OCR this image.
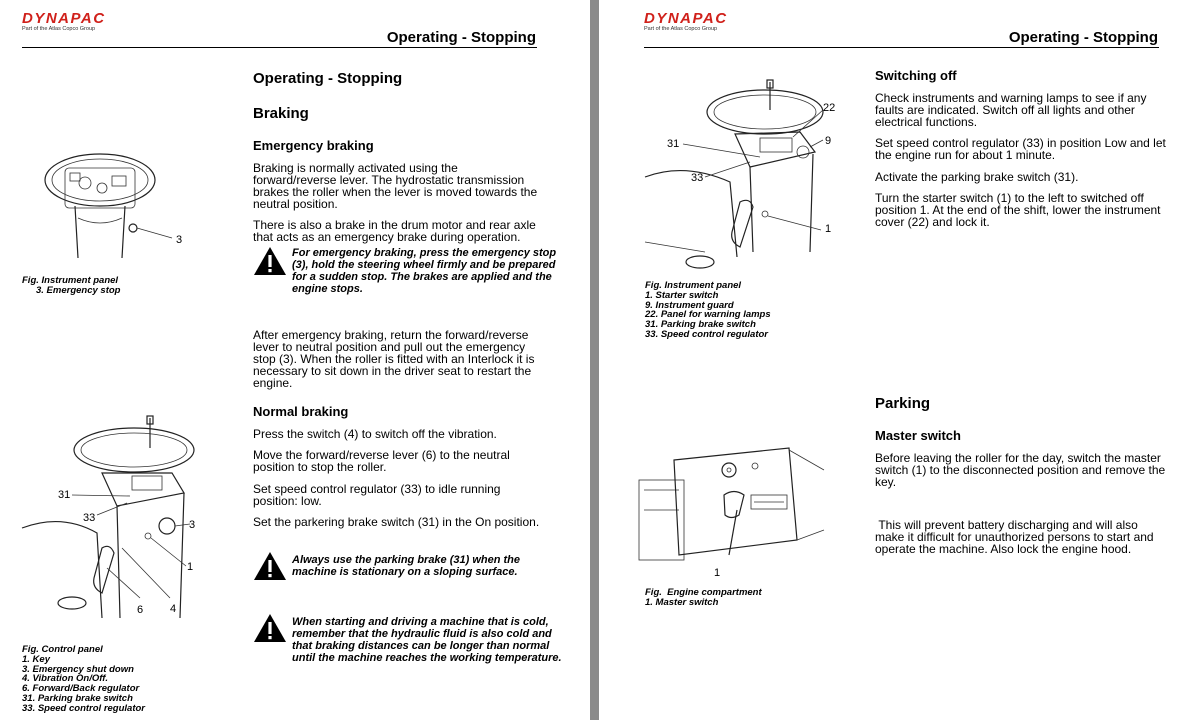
DYNAPAC
Part of the Atlas Copco Group	Operating - Stopping
Operating - Stopping
Braking
Emergency braking

Braking is normally activated using the forward/reverse lever. The hydrostatic transmission brakes the roller when the lever is moved towards the neutral position.

There is also a brake in the drum motor and rear axle that acts as an emergency brake during operation.

For emergency braking, press the emergency stop (3), hold the steering wheel firmly and be prepared for a sudden stop. The brakes are applied and the engine stops.

After emergency braking, return the forward/reverse lever to neutral position and pull out the emergency stop (3). When the roller is fitted with an Interlock it is necessary to sit down in the driver seat to restart the engine.

Normal braking

Press the switch (4) to switch off the vibration.

Move the forward/reverse lever (6) to the neutral position to stop the roller.

Set speed control regulator (33) to idle running position: low.

Set the parkering brake switch (31) in the On position.

Always use the parking brake (31) when the machine is stationary on a sloping surface.
When starting and driving a machine that is cold, remember that the hydraulic fluid is also cold and that braking distances can be longer than normal until the machine reaches the working temperature.
3
Fig. Instrument panel
3. Emergency stop
31
33
3
1
6 4
Fig. Control panel
1. Key
3. Emergency shut down
4. Vibration On/Off.
6. Forward/Back regulator
31. Parking brake switch
33. Speed control regulator
DYNAPAC
Part of the Atlas Copco Group	Operating - Stopping
Switching off

Check instruments and warning lamps to see if any faults are indicated. Switch off all lights and other electrical functions.

Set speed control regulator (33) in position Low and let the engine run for about 1 minute.

Activate the parking brake switch (31).

Turn the starter switch (1) to the left to switched off position 1. At the end of the shift, lower the instrument cover (22) and lock it.

Parking
Master switch

Before leaving the roller for the day, switch the master switch (1) to the disconnected position and remove the key.

This will prevent battery discharging and will also make it difficult for unauthorized persons to start and operate the machine. Also lock the engine hood.

22
31	9
33
1
Fig. Instrument panel
1. Starter switch
9. Instrument guard
22. Panel for warning lamps
31. Parking brake switch
33. Speed control regulator
1
Fig.  Engine compartment
1. Master switch
